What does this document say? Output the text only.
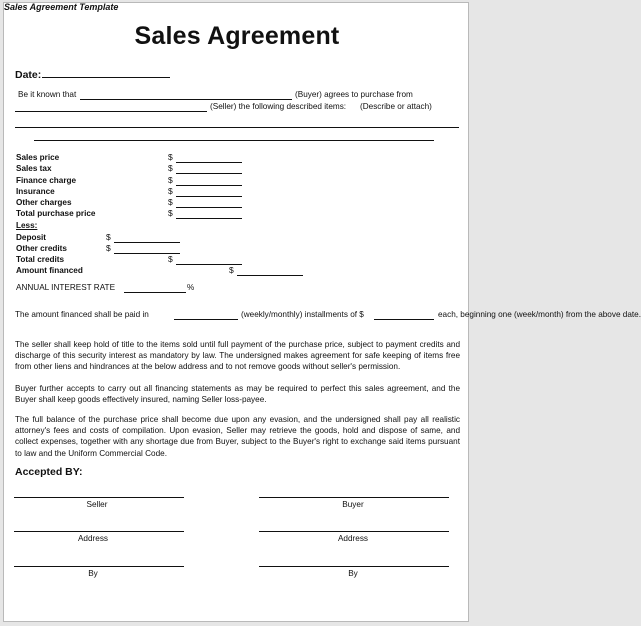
Sales Agreement Template
Sales Agreement
Date:
Be it known that	(Buyer) agrees to purchase from
(Seller) the following described items: (Describe or attach)
Sales price	$
Sales tax	$
Finance charge	$
Insurance	$
Other charges	$
Total purchase price	$
Less:
Deposit	$
Other credits	$
Total credits	$
Amount financed	$
ANNUAL INTEREST RATE	%
The amount financed shall be paid in	(weekly/monthly) installments of $	each, beginning one (week/month) from the above date.
The seller shall keep hold of title to the items sold until full payment of the purchase price, subject to payment credits and discharge of this security interest as mandatory by law. The undersigned makes agreement for safe keeping of items free from other liens and hindrances at the below address and to not remove goods without seller's permission.
Buyer further accepts to carry out all financing statements as may be required to perfect this sales agreement, and the Buyer shall keep goods effectively insured, naming Seller loss-payee.
The full balance of the purchase price shall become due upon any evasion, and the undersigned shall pay all realistic attorney's fees and costs of compilation. Upon evasion, Seller may retrieve the goods, hold and dispose of same, and collect expenses, together with any shortage due from Buyer, subject to the Buyer's right to exchange said items pursuant to law and the Uniform Commercial Code.
Accepted BY:
Seller	Buyer
Address	Address
By	By
